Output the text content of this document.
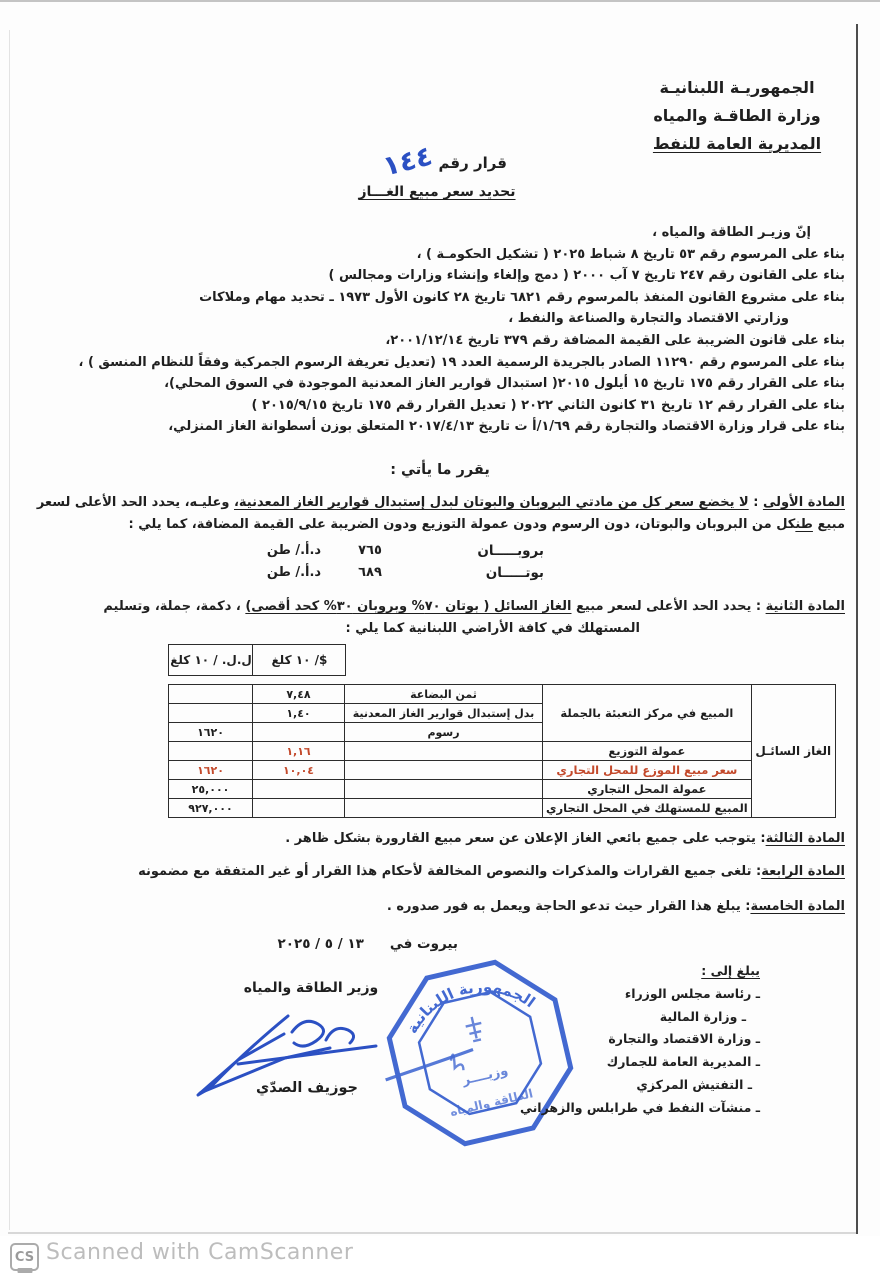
الجمهوريـة اللبنانيـة
وزارة الطاقـة والمياه
المديرية العامة للنفط
قرار رقم
١٤٤
تحديد سعر مبيع الغـــاز
إنّ وزيـر الطاقة والمياه ،
بناء على المرسوم رقم ٥٣ تاريخ ٨ شباط ٢٠٢٥ ( تشكيل الحكومـة ) ،
بناء على القانون رقم ٢٤٧ تاريخ ٧ آب ٢٠٠٠ ( دمج وإلغاء وإنشاء وزارات ومجالس )
بناء على مشروع القانون المنفذ بالمرسوم رقم ٦٨٢١ تاريخ ٢٨ كانون الأول ١٩٧٣ ـ تحديد مهام وملاكات
وزارتي الاقتصاد والتجارة والصناعة والنفط ،
بناء على قانون الضريبة على القيمة المضافة رقم ٣٧٩ تاريخ ٢٠٠١/١٢/١٤،
بناء على المرسوم رقم ١١٢٩٠ الصادر بالجريدة الرسمية العدد ١٩ (تعديل تعريفة الرسوم الجمركية وفقاً للنظام المنسق ) ،
بناء على القرار رقم ١٧٥ تاريخ ١٥ أيلول ٢٠١٥( استبدال قوارير الغاز المعدنية الموجودة في السوق المحلي)،
بناء على القرار رقم ١٢ تاريخ ٣١ كانون الثاني ٢٠٢٢ ( تعديل القرار رقم ١٧٥ تاريخ ٢٠١٥/٩/١٥ )
بناء على قرار وزارة الاقتصاد والتجارة رقم ١/٦٩/أ ت تاريخ ٢٠١٧/٤/١٣ المتعلق بوزن أسطوانة الغاز المنزلي،
يقرر ما يأتي :
المادة الأولى : لا يخضع سعر كل من مادتي البروبان والبوتان لبدل إستبدال قوارير الغاز المعدنية، وعليـه، يحدد الحد الأعلى لسعر
مبيع طنكل من البروبان والبوتان، دون الرسوم ودون عمولة التوزيع ودون الضريبة على القيمة المضافة، كما يلي :
بروبـــــان
٧٦٥
د.أ./ طن
بوتـــــان
٦٨٩
د.أ./ طن
المادة الثانية : يحدد الحد الأعلى لسعر مبيع الغاز السائل ( بوتان ٧٠% وبروبان ٣٠% كحد أقصى) ، دكمة، جملة، وتسليم
المستهلك في كافة الأراضي اللبنانية كما يلي :
ل.ل. / ١٠ كلغ	$/ ١٠ كلغ
الغاز السائـل	المبيع في مركز التعبئة بالجملة	ثمن البضاعة	٧,٤٨	
		بدل إستبدال قوارير الغاز المعدنية	١,٤٠	
		رسوم		١٦٢٠
	عمولة التوزيع		١,١٦	
	سعر مبيع الموزع للمحل التجاري		١٠,٠٤	١٦٢٠
	عمولة المحل التجاري			٢٥,٠٠٠
	المبيع للمستهلك في المحل التجاري			٩٢٧,٠٠٠
المادة الثالثة: يتوجب على جميع بائعي الغاز الإعلان عن سعر مبيع القارورة بشكل ظاهر .
المادة الرابعة: تلغى جميع القرارات والمذكرات والنصوص المخالفة لأحكام هذا القرار أو غير المتفقة مع مضمونه
المادة الخامسة: يبلغ هذا القرار حيث تدعو الحاجة ويعمل به فور صدوره .
بيروت في
١٣ / ٥ / ٢٠٢٥
وزير الطاقة والمياه
جوزيف الصدّي
الجمهورية اللبنانية
وزيــــر
الطاقة والمياه
يبلغ إلى :
ـ رئاسة مجلس الوزراء
ـ وزارة المالية
ـ وزارة الاقتصاد والتجارة
ـ المديرية العامة للجمارك
ـ التفتيش المركزي
ـ منشآت النفط في طرابلس والزهراني
CS Scanned with CamScanner
